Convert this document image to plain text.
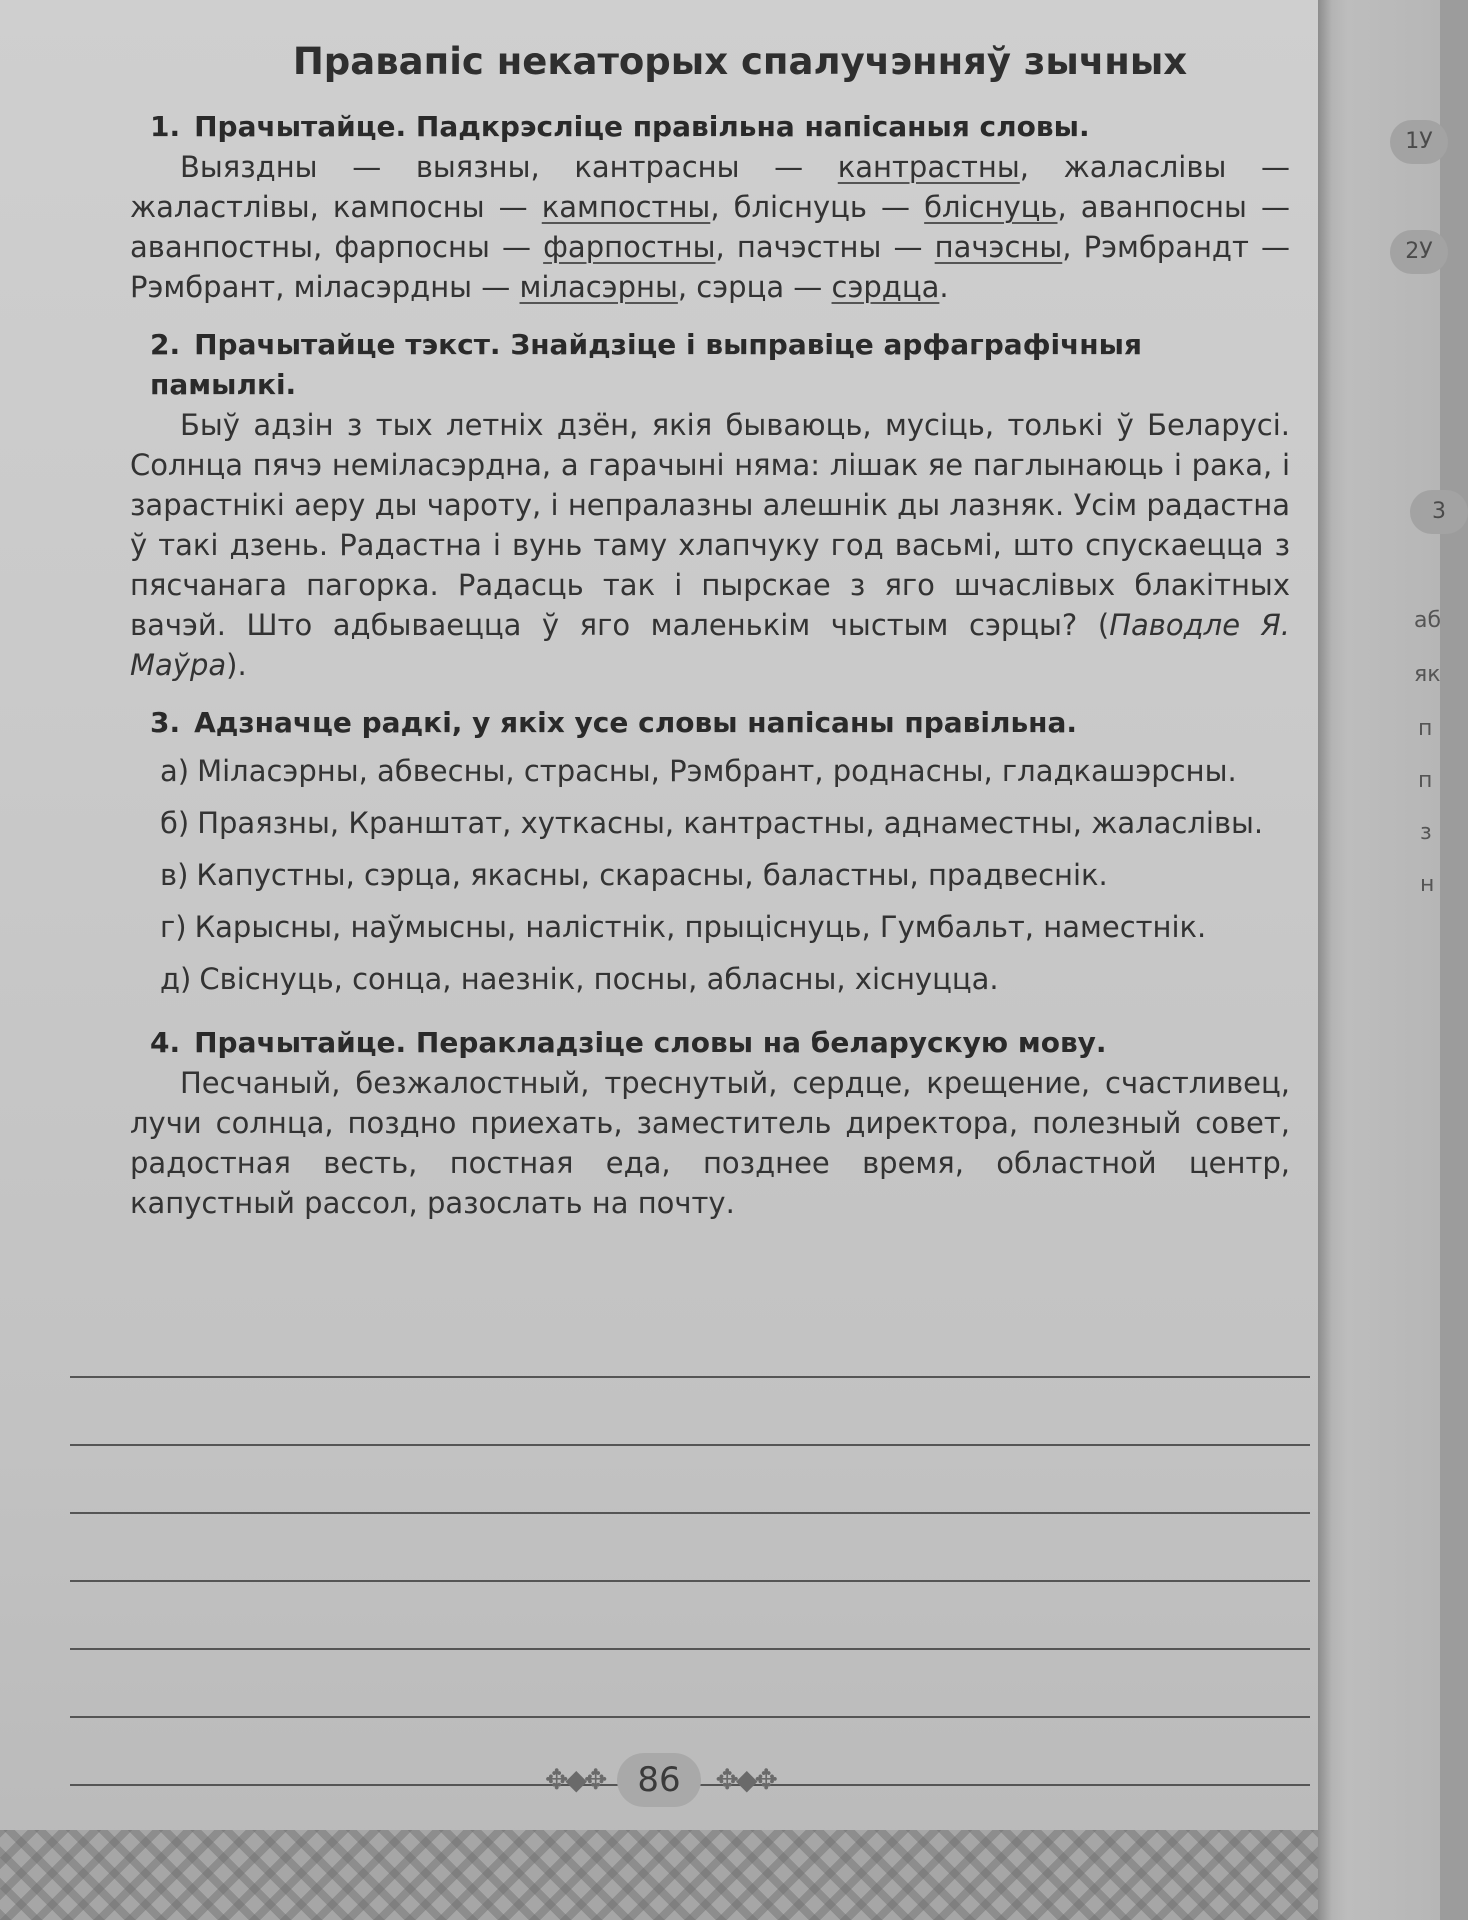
Правапіс некаторых спалучэнняў зычных
1. Прачытайце. Падкрэсліце правільна напісаныя словы.
Выяздны — выязны, кантрасны — кантрастны, жаласлівы — жаластлівы, кампосны — кампостны, бліснуць — бліснуць, аванпосны — аванпостны, фарпосны — фарпостны, пачэстны — пачэсны, Рэмбрандт — Рэмбрант, міласэрдны — міласэрны, сэрца — сэрдца.
2. Прачытайце тэкст. Знайдзіце і выправіце арфаграфічныя памылкі.
Быў адзін з тых летніх дзён, якія бываюць, мусіць, толькі ў Беларусі. Солнца пячэ неміласэрдна, а гарачыні няма: лішак яе паглынаюць і рака, і зарастнікі аеру ды чароту, і непралазны алешнік ды лазняк. Усім радастна ў такі дзень. Радастна і вунь таму хлапчуку год васьмі, што спускаецца з пясчанага пагорка. Радасць так і пырскае з яго шчаслівых блакітных вачэй. Што адбываецца ў яго маленькім чыстым сэрцы? (Паводле Я. Маўра).
3. Адзначце радкі, у якіх усе словы напісаны правільна.
а) Міласэрны, абвесны, страсны, Рэмбрант, роднасны, гладкашэрсны.
б) Праязны, Кранштат, хуткасны, кантрастны, аднаместны, жаласлівы.
в) Капустны, сэрца, якасны, скарасны, баластны, прадвеснік.
г) Карысны, наўмысны, налістнік, прыціснуць, Гумбальт, наместнік.
д) Свіснуць, сонца, наезнік, посны, абласны, хіснуцца.
4. Прачытайце. Перакладзіце словы на беларускую мову.
Песчаный, безжалостный, треснутый, сердце, крещение, счастливец, лучи солнца, поздно приехать, заместитель директора, полезный совет, радостная весть, постная еда, позднее время, областной центр, капустный рассол, разослать на почту.
✥◆✥ 86	✥◆✥
1У
2У
3
аб
як
п
п
з
н
